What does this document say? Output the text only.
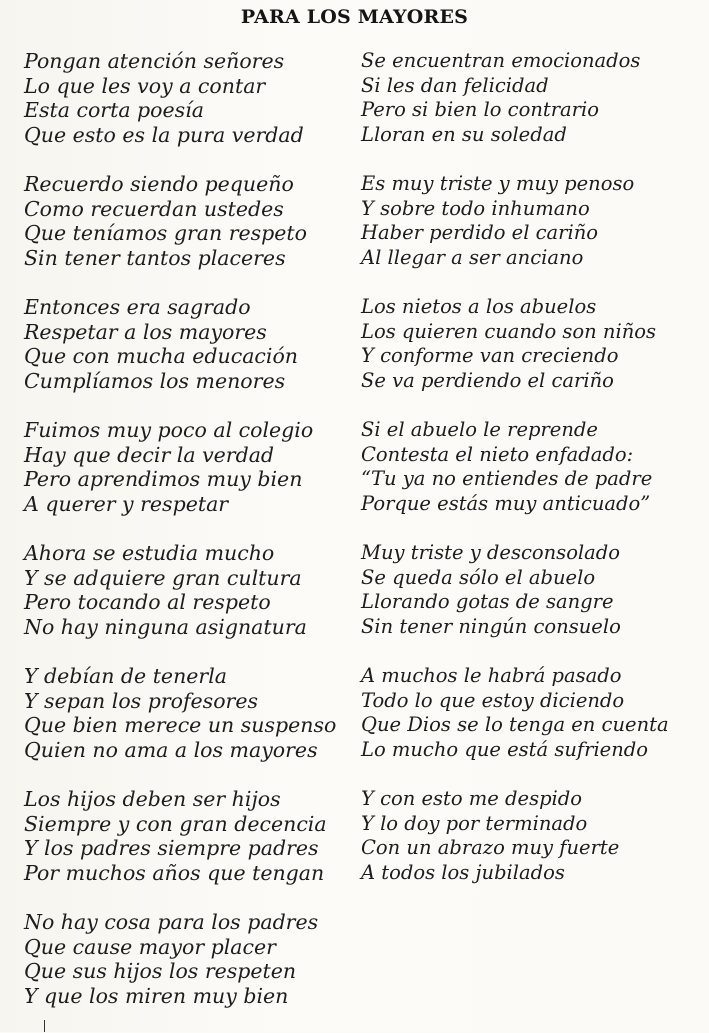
PARA LOS MAYORES
Pongan atención señores
Lo que les voy a contar
Esta corta poesía
Que esto es la pura verdad
Recuerdo siendo pequeño
Como recuerdan ustedes
Que teníamos gran respeto
Sin tener tantos placeres
Entonces era sagrado
Respetar a los mayores
Que con mucha educación
Cumplíamos los menores
Fuimos muy poco al colegio
Hay que decir la verdad
Pero aprendimos muy bien
A querer y respetar
Ahora se estudia mucho
Y se adquiere gran cultura
Pero tocando al respeto
No hay ninguna asignatura
Y debían de tenerla
Y sepan los profesores
Que bien merece un suspenso
Quien no ama a los mayores
Los hijos deben ser hijos
Siempre y con gran decencia
Y los padres siempre padres
Por muchos años que tengan
No hay cosa para los padres
Que cause mayor placer
Que sus hijos los respeten
Y que los miren muy bien
Se encuentran emocionados
Si les dan felicidad
Pero si bien lo contrario
Lloran en su soledad
Es muy triste y muy penoso
Y sobre todo inhumano
Haber perdido el cariño
Al llegar a ser anciano
Los nietos a los abuelos
Los quieren cuando son niños
Y conforme van creciendo
Se va perdiendo el cariño
Si el abuelo le reprende
Contesta el nieto enfadado:
“Tu ya no entiendes de padre
Porque estás muy anticuado”
Muy triste y desconsolado
Se queda sólo el abuelo
Llorando gotas de sangre
Sin tener ningún consuelo
A muchos le habrá pasado
Todo lo que estoy diciendo
Que Dios se lo tenga en cuenta
Lo mucho que está sufriendo
Y con esto me despido
Y lo doy por terminado
Con un abrazo muy fuerte
A todos los jubilados
